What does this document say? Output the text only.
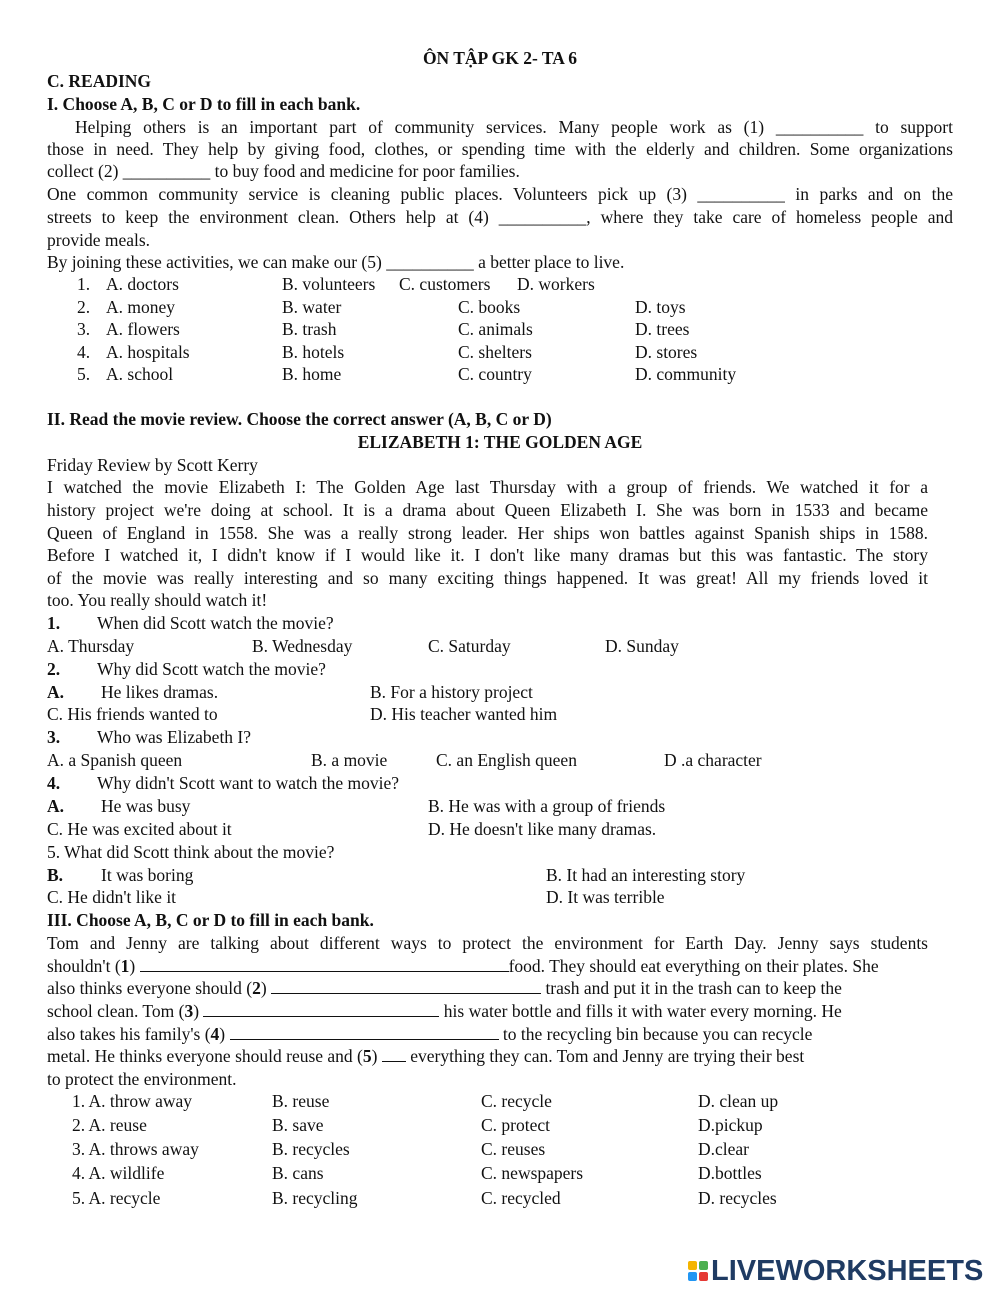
ÔN TẬP GK 2- TA 6
C. READING
I. Choose A, B, C or D to fill in each bank.
Helping others is an important part of community services. Many people work as (1) __________ to support
those in need. They help by giving food, clothes, or spending time with the elderly and children. Some organizations
collect (2) __________ to buy food and medicine for poor families.
One common community service is cleaning public places. Volunteers pick up (3) __________ in parks and on the
streets to keep the environment clean. Others help at (4) __________, where they take care of homeless people and
provide meals.
By joining these activities, we can make our (5) __________ a better place to live.
1. A. doctors	B. volunteers C. customers D. workers
2. A. money	B. water	C. books	D. toys
3. A. flowers	B. trash	C. animals	D. trees
4. A. hospitals	B. hotels	C. shelters	D. stores
5. A. school	B. home	C. country	D. community
II. Read the movie review. Choose the correct answer (A, B, C or D)
ELIZABETH 1: THE GOLDEN AGE
Friday Review by Scott Kerry
I watched the movie Elizabeth I: The Golden Age last Thursday with a group of friends. We watched it for a
history project we're doing at school. It is a drama about Queen Elizabeth I. She was born in 1533 and became
Queen of England in 1558. She was a really strong leader. Her ships won battles against Spanish ships in 1588.
Before I watched it, I didn't know if I would like it. I don't like many dramas but this was fantastic. The story
of the movie was really interesting and so many exciting things happened. It was great! All my friends loved it
too. You really should watch it!
1. When did Scott watch the movie?
A. Thursday	B. Wednesday	C. Saturday	D. Sunday
2. Why did Scott watch the movie?
A. He likes dramas.	B. For a history project
C. His friends wanted to	D. His teacher wanted him
3. Who was Elizabeth I?
A. a Spanish queen	B. a movie	C. an English queen	D .a character
4. Why didn't Scott want to watch the movie?
A. He was busy	B. He was with a group of friends
C. He was excited about it	D. He doesn't like many dramas.
5. What did Scott think about the movie?
B. It was boring	B. It had an interesting story
C. He didn't like it	D. It was terrible
III. Choose A, B, C or D to fill in each bank.
Tom and Jenny are talking about different ways to protect the environment for Earth Day. Jenny says students
shouldn't (1)	food. They should eat everything on their plates. She
also thinks everyone should (2)	trash and put it in the trash can to keep the
school clean. Tom (3)	his water bottle and fills it with water every morning. He
also takes his family's (4)	to the recycling bin because you can recycle
metal. He thinks everyone should reuse and (5) everything they can. Tom and Jenny are trying their best
to protect the environment.
1. A. throw away	B. reuse	C. recycle	D. clean up
2. A. reuse	B. save	C. protect	D.pickup
3. A. throws away	B. recycles	C. reuses	D.clear
4. A. wildlife	B. cans	C. newspapers	D.bottles
5. A. recycle	B. recycling	C. recycled	D. recycles
LIVEWORKSHEETS
